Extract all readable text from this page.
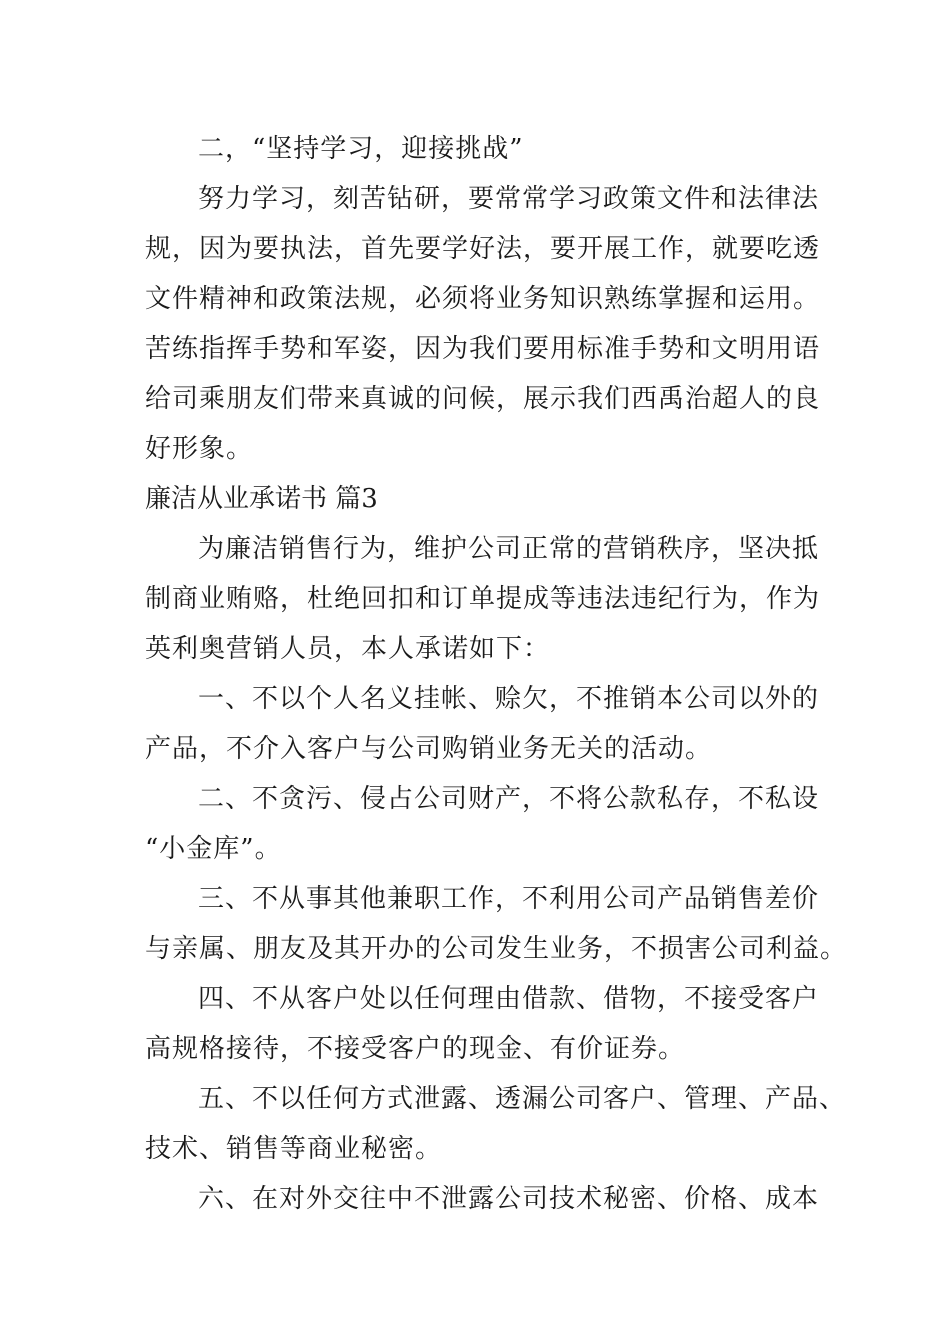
二，“坚持学习，迎接挑战”
努力学习，刻苦钻研，要常常学习政策文件和法律法
规，因为要执法，首先要学好法，要开展工作，就要吃透
文件精神和政策法规，必须将业务知识熟练掌握和运用。
苦练指挥手势和军姿，因为我们要用标准手势和文明用语
给司乘朋友们带来真诚的问候，展示我们西禹治超人的良
好形象。
廉洁从业承诺书 篇3
为廉洁销售行为，维护公司正常的营销秩序，坚决抵
制商业贿赂，杜绝回扣和订单提成等违法违纪行为，作为
英利奥营销人员，本人承诺如下：
一、不以个人名义挂帐、赊欠，不推销本公司以外的
产品，不介入客户与公司购销业务无关的活动。
二、不贪污、侵占公司财产，不将公款私存，不私设
“小金库”。
三、不从事其他兼职工作，不利用公司产品销售差价
与亲属、朋友及其开办的公司发生业务，不损害公司利益。
四、不从客户处以任何理由借款、借物，不接受客户
高规格接待，不接受客户的现金、有价证券。
五、不以任何方式泄露、透漏公司客户、管理、产品、
技术、销售等商业秘密。
六、在对外交往中不泄露公司技术秘密、价格、成本
